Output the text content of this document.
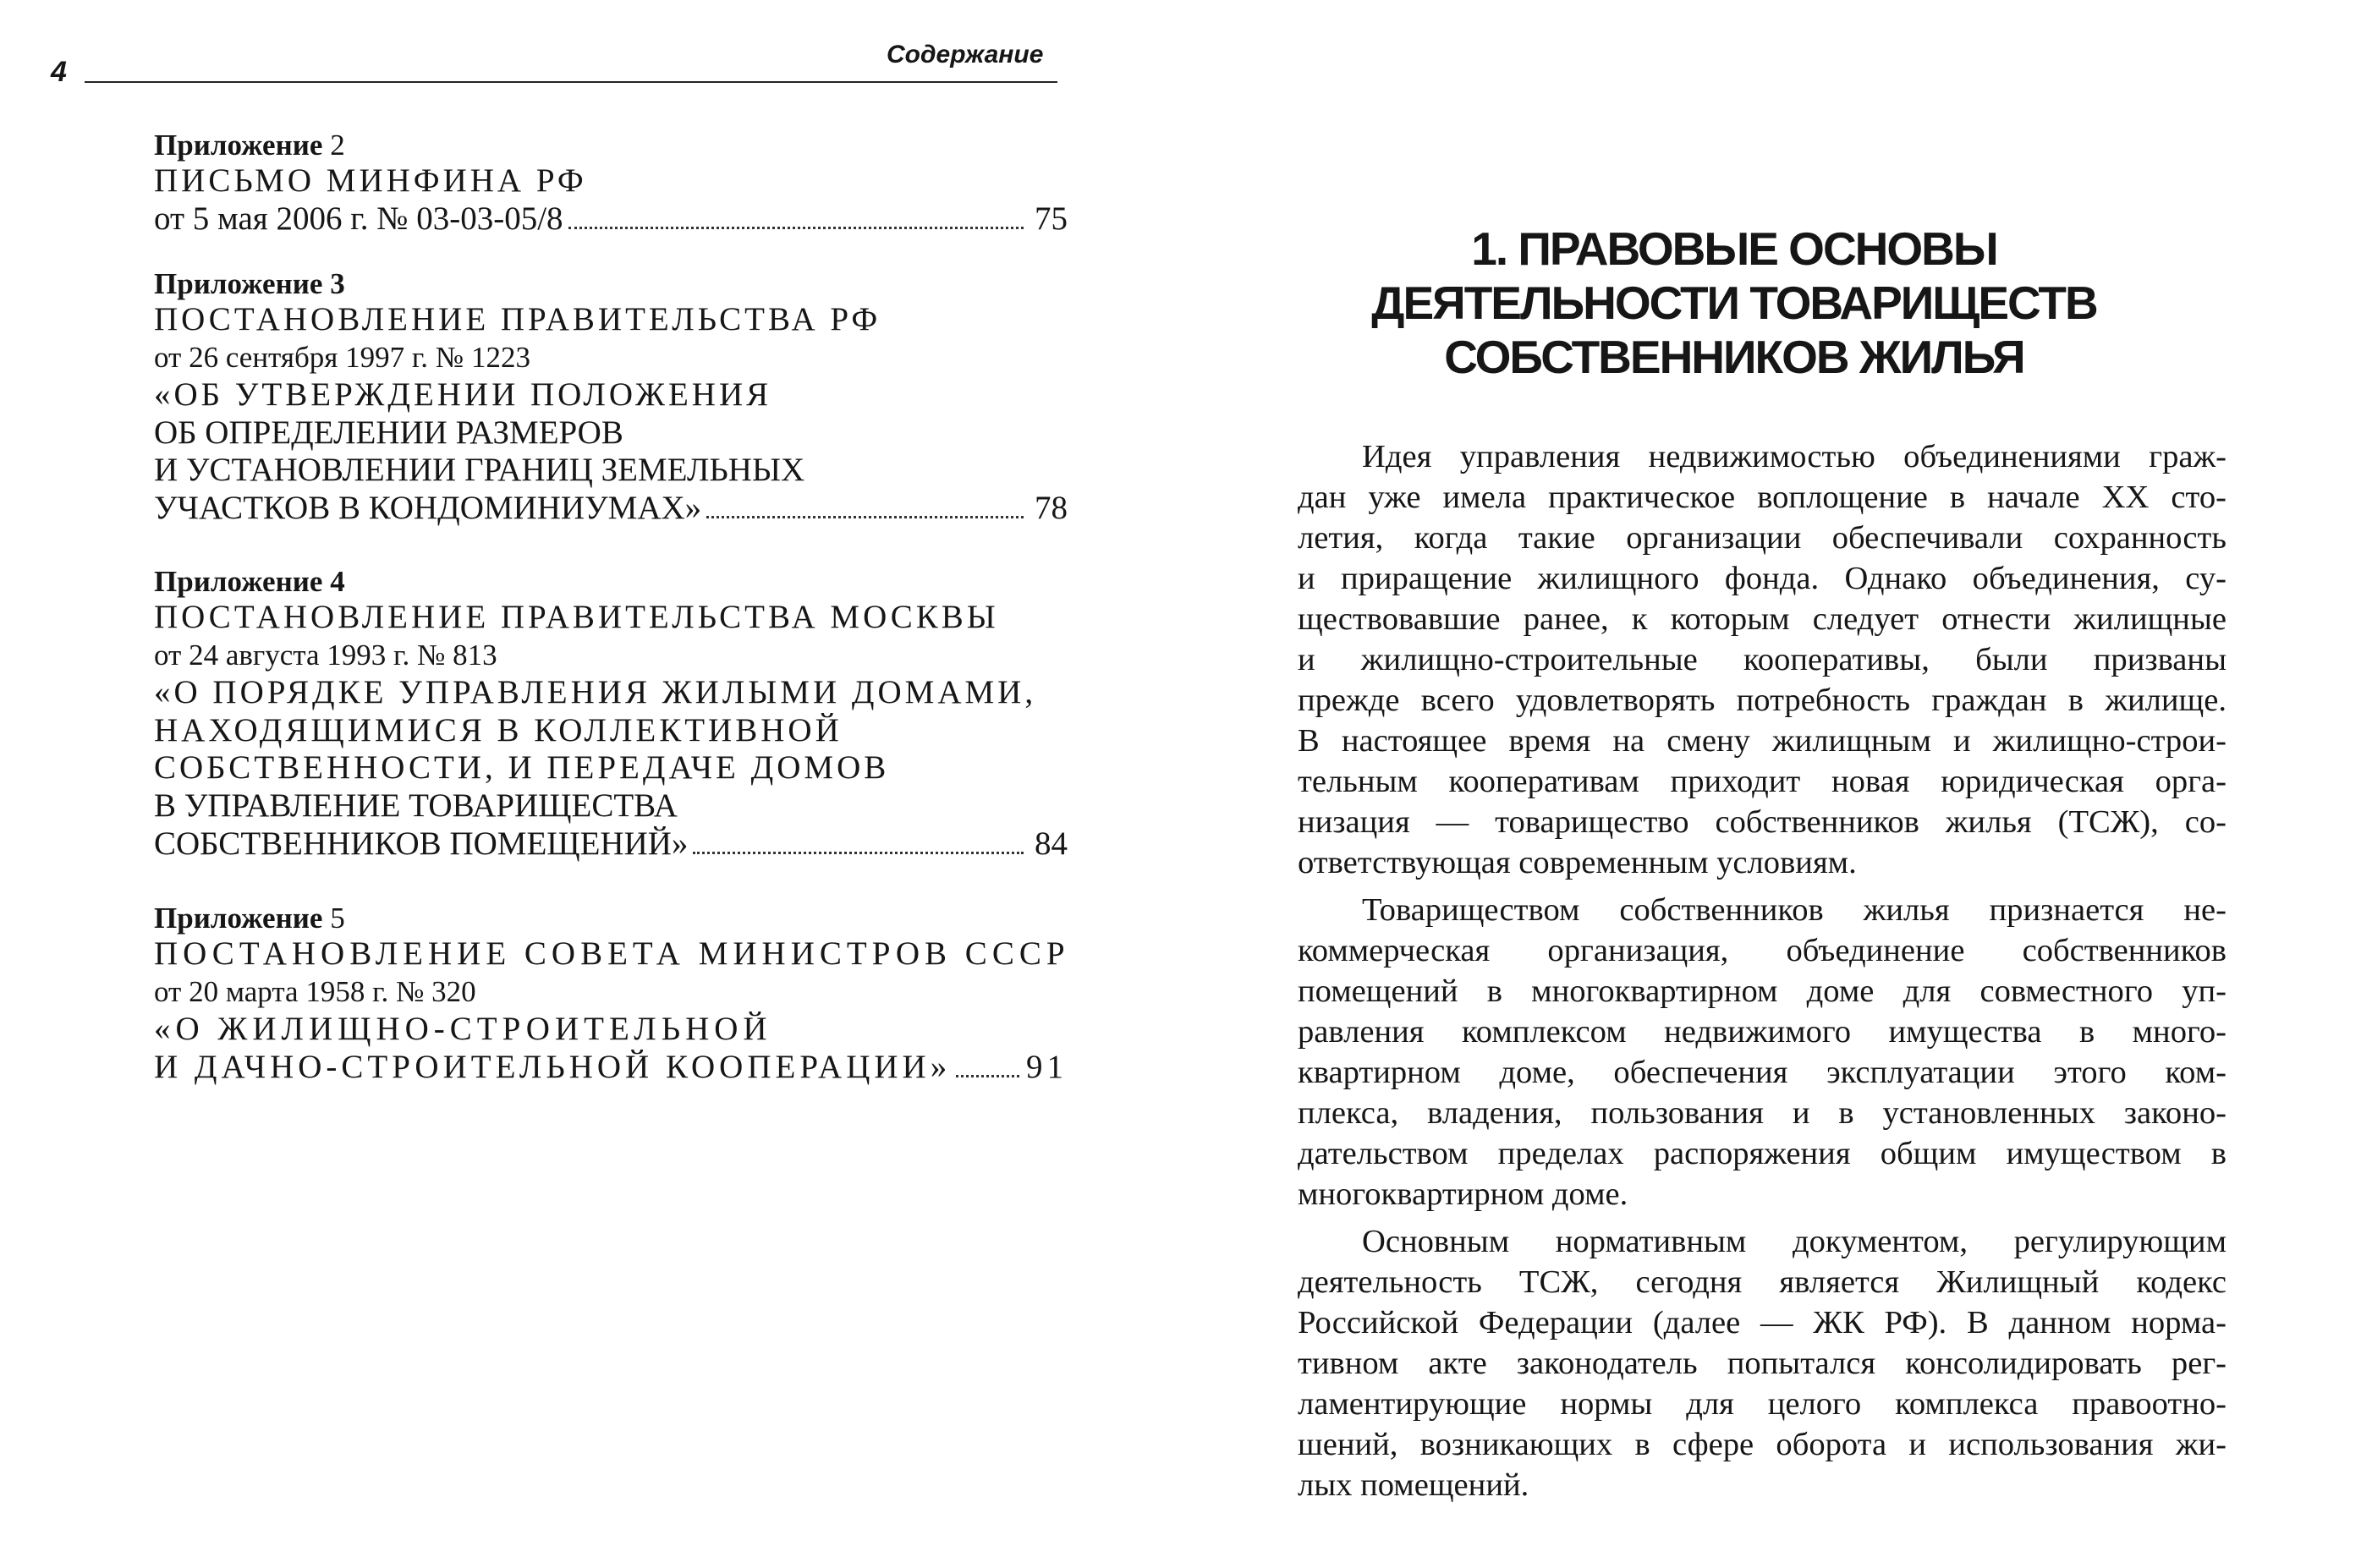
4
Содержание
Приложение 2
ПИСЬМО МИНФИНА РФ
от 5 мая 2006 г. № 03-03-05/8	75
Приложение 3
ПОСТАНОВЛЕНИЕ ПРАВИТЕЛЬСТВА РФ
от 26 сентября 1997 г. № 1223
«ОБ УТВЕРЖДЕНИИ ПОЛОЖЕНИЯ
ОБ ОПРЕДЕЛЕНИИ РАЗМЕРОВ
И УСТАНОВЛЕНИИ ГРАНИЦ ЗЕМЕЛЬНЫХ
УЧАСТКОВ В КОНДОМИНИУМАХ»	78
Приложение 4
ПОСТАНОВЛЕНИЕ ПРАВИТЕЛЬСТВА МОСКВЫ
от 24 августа 1993 г. № 813
«О ПОРЯДКЕ УПРАВЛЕНИЯ ЖИЛЫМИ ДОМАМИ,
НАХОДЯЩИМИСЯ В КОЛЛЕКТИВНОЙ
СОБСТВЕННОСТИ, И ПЕРЕДАЧЕ ДОМОВ
В УПРАВЛЕНИЕ ТОВАРИЩЕСТВА
СОБСТВЕННИКОВ ПОМЕЩЕНИЙ»	84
Приложение 5
ПОСТАНОВЛЕНИЕ СОВЕТА МИНИСТРОВ СССР
от 20 марта 1958 г. № 320
«О ЖИЛИЩНО-СТРОИТЕЛЬНОЙ
И ДАЧНО-СТРОИТЕЛЬНОЙ КООПЕРАЦИИ» 91
1. ПРАВОВЫЕ ОСНОВЫ
ДЕЯТЕЛЬНОСТИ ТОВАРИЩЕСТВ
СОБСТВЕННИКОВ ЖИЛЬЯ

Идея управления недвижимостью объединениями граж-
дан уже имела практическое воплощение в начале XX сто-
летия, когда такие организации обеспечивали сохранность
и приращение жилищного фонда. Однако объединения, су-
ществовавшие ранее, к которым следует отнести жилищные
и жилищно-строительные кооперативы, были призваны
прежде всего удовлетворять потребность граждан в жилище.
В настоящее время на смену жилищным и жилищно-строи-
тельным кооперативам приходит новая юридическая орга-
низация — товарищество собственников жилья (ТСЖ), со-
ответствующая современным условиям.

Товариществом собственников жилья признается не-
коммерческая организация, объединение собственников
помещений в многоквартирном доме для совместного уп-
равления комплексом недвижимого имущества в много-
квартирном доме, обеспечения эксплуатации этого ком-
плекса, владения, пользования и в установленных законо-
дательством пределах распоряжения общим имуществом в
многоквартирном доме.

Основным нормативным документом, регулирующим
деятельность ТСЖ, сегодня является Жилищный кодекс
Российской Федерации (далее — ЖК РФ). В данном норма-
тивном акте законодатель попытался консолидировать рег-
ламентирующие нормы для целого комплекса правоотно-
шений, возникающих в сфере оборота и использования жи-
лых помещений.
